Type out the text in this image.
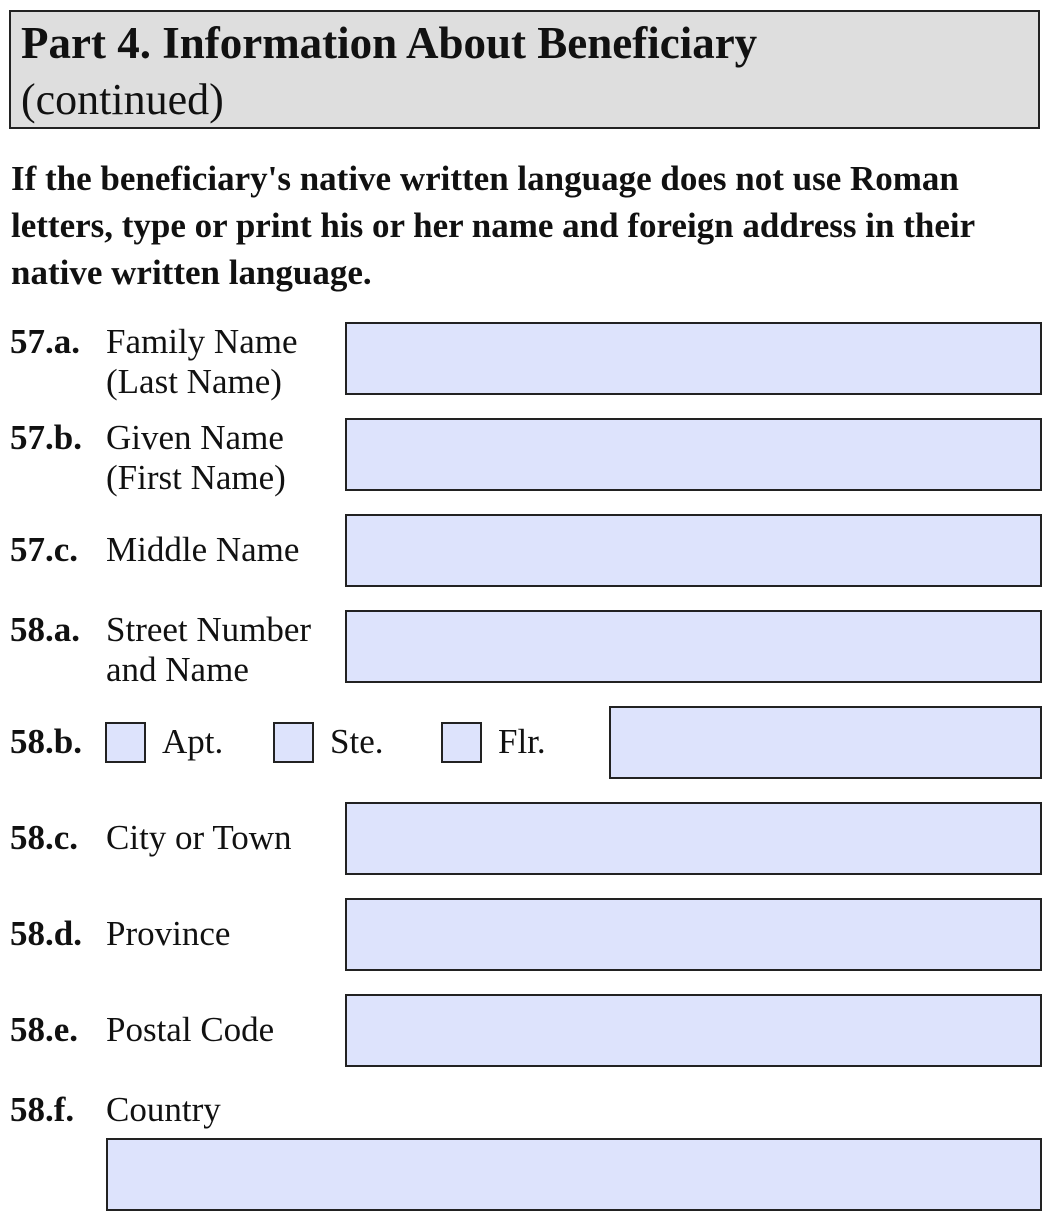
Part 4. Information About Beneficiary
(continued)
If the beneficiary's native written language does not use Roman letters, type or print his or her name and foreign address in their native written language.
57.a. Family Name
(Last Name)
57.b. Given Name
(First Name)
57.c. Middle Name
58.a. Street Number
and Name
58.b. Apt.	Ste.	Flr.
58.c. City or Town
58.d. Province
58.e. Postal Code
58.f. Country
